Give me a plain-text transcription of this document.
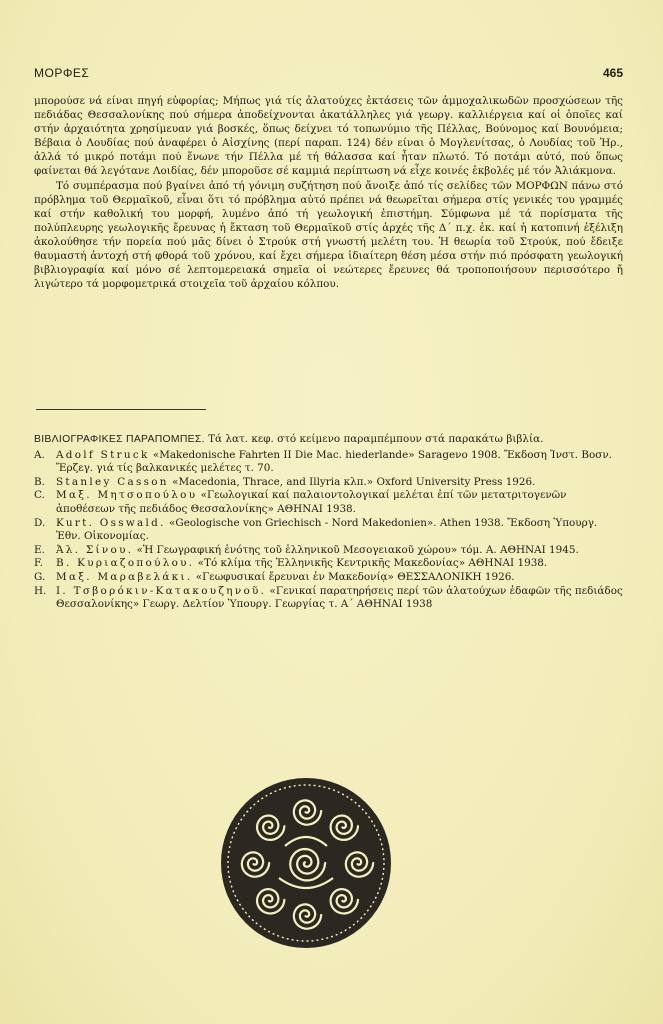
ΜΟΡΦΕΣ	465

μπορούσε νά είναι πηγή εὐφορίας; Μήπως γιά τίς ἀλατούχες ἐκτάσεις τῶν ἀμμοχαλικωδῶν προσχώσεων τῆς πεδιάδας Θεσσαλονίκης πού σήμερα ἀποδείχνονται ἀκατάλληλες γιά γεωργ. καλλιέργεια καί οἱ ὁποῖες καί στήν ἀρχαιότητα χρησίμευαν γιά βοσκές, ὅπως δείχνει τό τοπωνύμιο τῆς Πέλλας, Βούνομος καί Βουνόμεια; Βέβαια ὁ Λουδίας πού ἀναφέρει ὁ Αἰσχίνης (περί παραπ. 124) δέν είναι ὁ Μογλενίτσας, ὁ Λουδίας τοῦ Ἡρ., ἀλλά τό μικρό ποτάμι πού ἕνωνε τήν Πέλλα μέ τή θάλασσα καί ἦταν πλωτό. Τό ποτάμι αὐτό, πού ὅπως φαίνεται θά λεγότανε Λοιδίας, δέν μποροῦσε σέ καμμιά περίπτωση νά εἶχε κοινές ἐκβολές μέ τόν Ἀλιάκμονα.

Τό συμπέρασμα πού βγαίνει ἀπό τή γόνιμη συζήτηση πού ἄνοιξε ἀπό τίς σελίδες τῶν ΜΟΡΦΩΝ πάνω στό πρόβλημα τοῦ Θερμαϊκοῦ, εἶναι ὅτι τό πρόβλημα αὐτό πρέπει νά θεωρεῖται σήμερα στίς γενικές του γραμμές καί στήν καθολική του μορφή, λυμένο ἀπό τή γεωλογική ἐπιστήμη. Σύμφωνα μέ τά πορίσματα τῆς πολύπλευρης γεωλογικῆς ἔρευνας ἡ ἔκταση τοῦ Θερμαϊκοῦ στίς ἀρχές τῆς Δ΄ π.χ. ἐκ. καί ἡ κατοπινή ἐξέλιξη ἀκολούθησε τήν πορεία πού μᾶς δίνει ὁ Στρούκ στή γνωστή μελέτη του. Ἡ θεωρία τοῦ Στρούκ, πού ἔδειξε θαυμαστή ἀντοχή στή φθορά τοῦ χρόνου, καί ἔχει σήμερα ἰδιαίτερη θέση μέσα στήν πιό πρόσφατη γεωλογική βιβλιογραφία καί μόνο σέ λεπτομερειακά σημεῖα οἱ νεώτερες ἔρευνες θά τροποποιήσουν περισσότερο ἤ λιγώτερο τά μορφομετρικά στοιχεῖα τοῦ ἀρχαίου κόλπου.

ΒΙΒΛΙΟΓΡΑΦΙΚΕΣ ΠΑΡΑΠΟΜΠΕΣ. Τά λατ. κεφ. στό κείμενο παραμπέμπουν στά παρακάτω βιβλία.

A.	Adolf Struck «Makedonische Fahrten II Die Mac. hiederlande» Sarageνο 1908. Ἔκδοση Ἰνστ. Βοσν. Ἔρζεγ. γιά τίς βαλκανικές μελέτες τ. 70.
B.	Stanley Casson «Macedonia, Thrace, and Illyria κλπ.» Oxford University Press 1926.
C.	Μαξ. Μητσοπούλου «Γεωλογικαί καί παλαιοντολογικαί μελέται ἐπί τῶν μετατριτογενῶν ἀποθέσεων τῆς πεδιάδος Θεσσαλονίκης» ΑΘΗΝΑΙ 1938.
D.	Kurt. Osswald. «Geologische von Griechisch - Nord Makedonien». Athen 1938. Ἔκδοση Ὑπουργ. Ἐθν. Οἰκονομίας.
E.	Ἀλ. Σίνου. «Ἡ Γεωγραφική ἑνότης τοῦ ἑλληνικοῦ Μεσογειακοῦ χώρου» τόμ. Α. ΑΘΗΝΑΙ 1945.
F.	Β. Κυριαζοπούλου. «Τό κλίμα τῆς Ἑλληνικῆς Κεντρικῆς Μακεδονίας» ΑΘΗΝΑΙ 1938.
G.	Μαξ. Μαραβελάκι. «Γεωφυσικαί ἔρευναι ἐν Μακεδονίᾳ» ΘΕΣΣΑΛΟΝΙΚΗ 1926.
H. Ι. Τσβορόκιν-Κατακουζηνοῦ. «Γενικαί παρατηρήσεις περί τῶν ἀλατούχων ἐδαφῶν τῆς πεδιάδος Θεσσαλονίκης» Γεωργ. Δελτίον Ὑπουργ. Γεωργίας τ. Α΄ ΑΘΗΝΑΙ 1938
